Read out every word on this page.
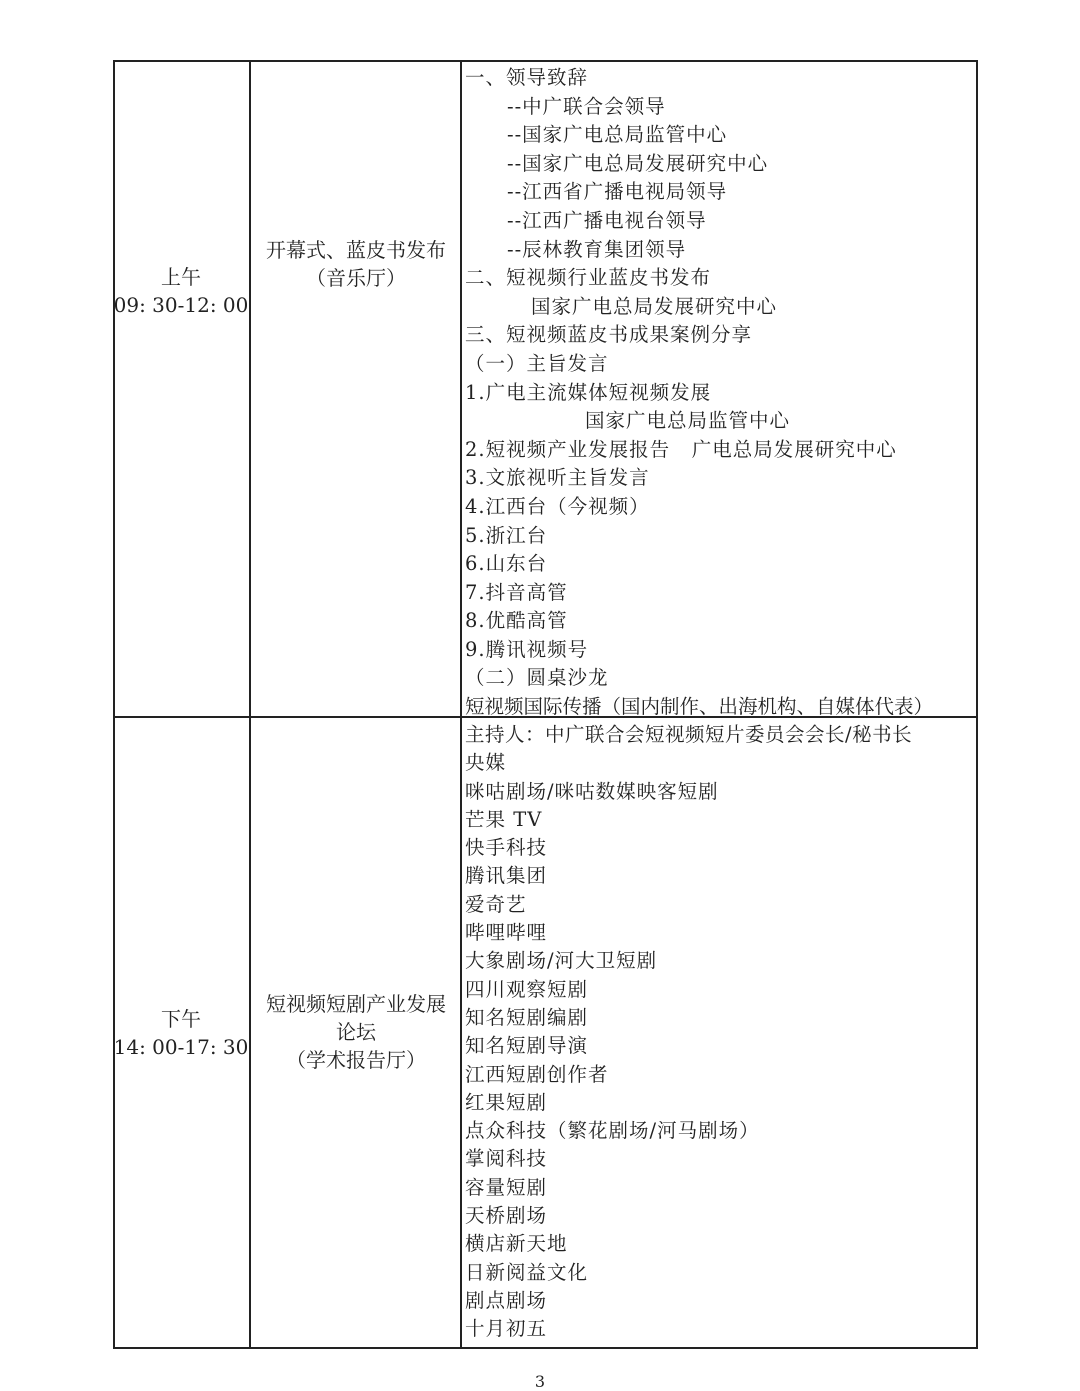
上午
09: 30-12: 00
开幕式、蓝皮书发布
（音乐厅）
一、领导致辞
--中广联合会领导
--国家广电总局监管中心
--国家广电总局发展研究中心
--江西省广播电视局领导
--江西广播电视台领导
--辰林教育集团领导
二、短视频行业蓝皮书发布
国家广电总局发展研究中心
三、短视频蓝皮书成果案例分享
（一）主旨发言
1.广电主流媒体短视频发展
国家广电总局监管中心
2.短视频产业发展报告   广电总局发展研究中心
3.文旅视听主旨发言
4.江西台（今视频）
5.浙江台
6.山东台
7.抖音高管
8.优酷高管
9.腾讯视频号
（二）圆桌沙龙
短视频国际传播（国内制作、出海机构、自媒体代表）
下午
14: 00-17: 30
短视频短剧产业发展
论坛
（学术报告厅）
主持人：中广联合会短视频短片委员会会长/秘书长
央媒
咪咕剧场/咪咕数媒映客短剧
芒果 TV
快手科技
腾讯集团
爱奇艺
哔哩哔哩
大象剧场/河大卫短剧
四川观察短剧
知名短剧编剧
知名短剧导演
江西短剧创作者
红果短剧
点众科技（繁花剧场/河马剧场）
掌阅科技
容量短剧
天桥剧场
横店新天地
日新阅益文化
剧点剧场
十月初五
3
